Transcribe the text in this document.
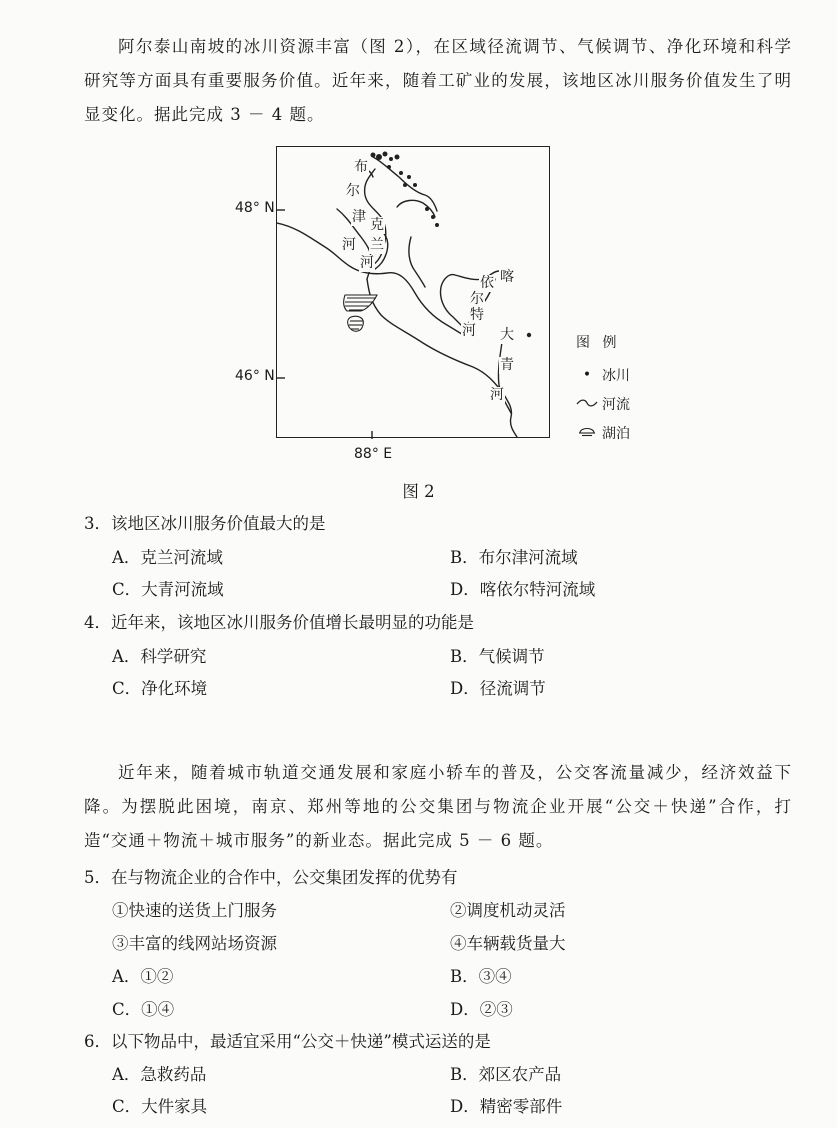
阿尔泰山南坡的冰川资源丰富（图 2），在区域径流调节、气候调节、净化环境和科学研究等方面具有重要服务价值。近年来，随着工矿业的发展，该地区冰川服务价值发生了明显变化。据此完成 3 － 4 题。

布
尔
津
河
克
兰
河
喀
依
尔
特
河 大
青
河
48° N
46° N
88° E
图 例
• 冰川
河流
湖泊
图 2

3．该地区冰川服务价值最大的是

A．克兰河流域	B．布尔津河流域

C．大青河流域	D．喀依尔特河流域

4．近年来，该地区冰川服务价值增长最明显的功能是

A．科学研究	B．气候调节

C．净化环境	D．径流调节

近年来，随着城市轨道交通发展和家庭小轿车的普及，公交客流量减少，经济效益下降。为摆脱此困境，南京、郑州等地的公交集团与物流企业开展“公交＋快递”合作，打造“交通＋物流＋城市服务”的新业态。据此完成 5 － 6 题。

5．在与物流企业的合作中，公交集团发挥的优势有

①快速的送货上门服务	②调度机动灵活

③丰富的线网站场资源	④车辆载货量大

A．①②	B．③④

C．①④	D．②③

6．以下物品中，最适宜采用“公交＋快递”模式运送的是

A．急救药品	B．郊区农产品

C．大件家具	D．精密零部件
